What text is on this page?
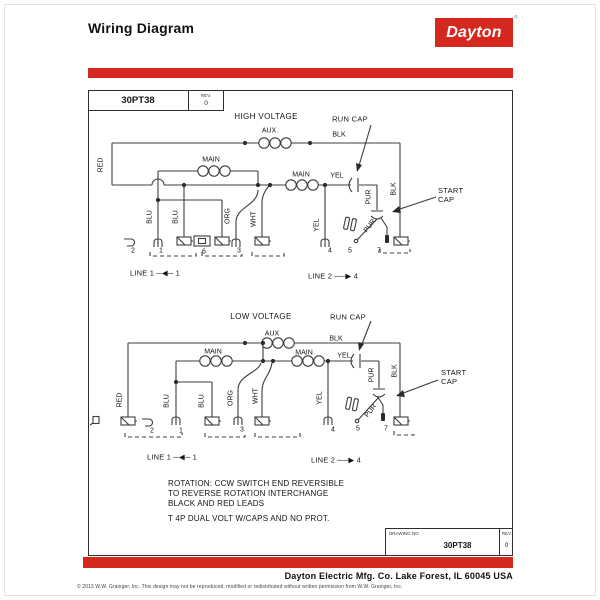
Wiring Diagram	Dayton
®
30PT38	REV.
0
HIGH VOLTAGE	RUN CAP
START
CAP
AUX.
BLK
MAIN
MAIN	YEL
RED
BLU	BLU	ORG	WHT	YEL
PUR
PUR
BLK
2	1	6	3	4 5	7
LINE 1 ─◀─ 1	LINE 2 ──▶ 4
LOW VOLTAGE	RUN CAP
START
CAP
AUX
BLK
MAIN	MAIN	YEL
RED	BLU	BLU	ORG	WHT	YEL
PUR
PUR
BLK
2	1	3	4	5	7
LINE 1 ─◀─ 1	LINE 2 ──▶ 4
ROTATION: CCW SWITCH END REVERSIBLE
TO REVERSE ROTATION INTERCHANGE
BLACK AND RED LEADS
T 4P DUAL VOLT W/CAPS AND NO PROT.
DRAWING NO.
30PT38
REV
0
Dayton Electric Mfg. Co. Lake Forest, IL 60045 USA
© 2013 W.W. Grainger, Inc. This design may not be reproduced, modified or redistributed without written permission from W.W. Grainger, Inc.
